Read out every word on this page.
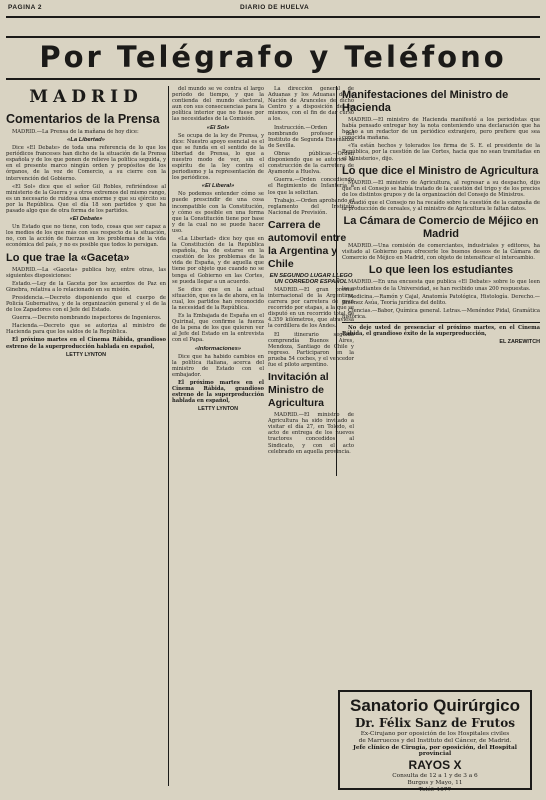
PAGINA 2	DIARIO DE HUELVA
Por Telégrafo y Teléfono

MADRID

Comentarios de la Prensa

MADRID.—La Prensa de la mañana de hoy dice:

«La Libertad»

Dice «El Debate» de toda una referencia de lo que los periódicos franceses han dicho de la situación de la Prensa española y de los que ponen de relieve la política seguida, y en el presente marco ningún orden y propósitos de los órganos, de la voz de Comercio, a su cierre con la intervención del Gobierno.

«El Sol» dice que el señor Gil Robles, refiriéndose al ministerio de la Guerra y a otros extremos del mismo rango, es un necesario de ruidosa una enorme y que su ejército su por la República. Que el día 18 son partidos y que ha pasado algo que de otra forma de los partidos.

«El Debate»

Un Estado que no tiene, con todo, cosas que ser capaz a los medios de los que más con sus respecto de la situación, no, con la acción de fuerzas en los problemas de la vida económica del país, y no es posible que todos lo persigan.

Lo que trae la «Gaceta»

MADRID.—La «Gaceta» publica hoy, entre otras, las siguientes disposiciones:

Estado.—Ley de la Gaceta por los acuerdos de Paz en Ginebra, relativa a lo relacionado en su misión.

Presidencia.—Decreto disponiendo que el cuerpo de Policía Gubernativa, y de la organización general y el de la de los Zapadores con el Jefe del Estado.

Guerra.—Decreto nombrando inspectores de Ingenieros.

Hacienda.—Decreto que se autoriza al ministro de Hacienda para que los saldos de la República.

El próximo martes en el Cinema Rábida, grandioso estreno de la superproducción hablada en español,

LETTY LYNTON

del mundo se ve contra el largo período de tiempo, y que la contienda del mundo electoral, aun con sus consecuencias para la política interior que no fuese por las necesidades de la Comisión.

«El Sol»

Se ocupa de la ley de Prensa, y dice: Nuestro apoyo esencial es el que se funda en el sentido de la libertad de Prensa, lo que a nuestro modo de ver, sin el espíritu de la ley contra el periodismo y la representación de los periódicos.

«El Liberal»

No podemos entender cómo se puede prescindir de una cosa incompatible con la Constitución, y cómo es posible en una forma que la Constitución tiene por base y de la cual no se puede hacer uso.

«La Libertad» dice hoy que en la Constitución de la República española, ha de estarse en la cuestión de los problemas de la vida de España, y de aquella que tiene por objeto que cuando no se tenga el Gobierno en las Cortes, se pueda llegar a un acuerdo.

Se dice que en la actual situación, que es la de ahora, en la cual, los partidos han reconocido la necesidad de la República.

Es la Embajada de España en el Quirinal, que confirme la fuerza de la pena de los que quieren ver al Jefe del Estado en la entrevista con el Papa.

«Informaciones»

Dice que ha habido cambios en la política italiana, acerca del ministro de Estado con el embajador.

El próximo martes en el Cinema Rábida, grandioso estreno de la superproducción hablada en español,

LETTY LYNTON

La dirección general de Aduanas y los Aduanas de la Nación de Aranceles de dicho Centro y a disposición de los mismos, con el fin de dar curso a los.

Instrucción.—Orden nombrando profesor del Instituto de Segunda Enseñanza de Sevilla.

Obras públicas.—Orden disponiendo que se autorice la construcción de la carretera de Ayamonte a Huelva.

Guerra.—Orden concediendo el Regimiento de Infantería a los que la solicitan.

Trabajo.—Orden aprobando el reglamento del Instituto Nacional de Previsión.

Carrera de automovil entre la Argentina y Chile

EN SEGUNDO LUGAR LLEGO UN CORREDOR ESPAÑOL

MADRID.—El gran premio internacional de la Argentina, carrera por carretera de gran recorrido por etapas, a la que se disputó en un recorrido total de 4.359 kilómetros, que atraviesa la cordillera de los Andes.

El itinerario seguido comprendía Buenos Aires, Mendoza, Santiago de Chile y regreso. Participaron en la prueba 54 coches, y el vencedor fue el piloto argentino.

Invitación al Ministro de Agricultura

MADRID.—El ministro de Agricultura ha sido invitado a visitar el día 27, en Toledo, el acto de entrega de los nuevos tractores concedidos al Sindicato, y con el acto celebrado en aquella provincia.

Manifestaciones del Ministro de Hacienda

MADRID.—El ministro de Hacienda manifestó a los periodistas que había pensado entregar hoy la nota conteniendo una declaración que ha hecho a un redactor de un periódico extranjero, pero prefiere que sea conocida mañana.

«Ya están hechos y tolerados los firma de S. E. el presidente de la República, por la cuestión de las Cortes, hacia que no sean tramitadas en el Ministerio», dijo.

Lo que dice el Ministro de Agricultura

MADRID.—El ministro de Agricultura, al regresar a su despacho, dijo que en el Consejo se había tratado de la cuestión del trigo y de los precios de los distintos grupos y de la organización del Consejo de Ministros.

Añadió que el Consejo no ha recaído sobre la cuestión de la campaña de la producción de cereales, y al ministro de Agricultura le faltan datos.

La Cámara de Comercio de Méjico en Madrid

MADRID.—Una comisión de comerciantes, industriales y editores, ha visitado al Gobierno para ofrecerle los buenos deseos de la Cámara de Comercio de Méjico en Madrid, con objeto de intensificar el intercambio.

Lo que leen los estudiantes

MADRID.—En una encuesta que publica «El Debate» sobre lo que leen los estudiantes de la Universidad, se han recibido unas 200 respuestas.

Medicina.—Ramón y Cajal, Anatomía Patológica, Histología. Derecho.—Jiménez Asúa, Teoría jurídica del delito.

Ciencias.—Babor, Química general. Letras.—Menéndez Pidal, Gramática histórica.

No deje usted de presenciar el próximo martes, en el Cinema Rábida, el grandioso éxito de la superproducción,

EL ZAREWITCH

Sanatorio Quirúrgico
Dr. Félix Sanz de Frutos

Ex-Cirujano por oposición de los Hospitales civiles

de Marruecos y del Instituto del Cáncer, de Madrid.

Jefe clínico de Cirugía, por oposición, del Hospital provincial

RAYOS X

Consulta de 12 a 1 y de 3 a 6

Burgos y Mayo, 11

Teléf. 1077
